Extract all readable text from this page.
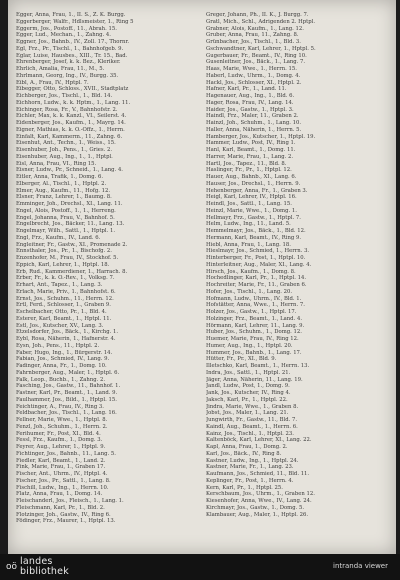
Egger, Anna, Frau, 1., II. S., Z. K. Burgg.

Eggerberger, Walfr., Hdlsmeister, 1., Ring 5

Eggerm, Jos., Postoff., 11., Abrah. 15.

Egger, Lud., Mechan., 1., Zahng. 4.

Eggner, Jos., Bahnb., IV., Zoll. 17., Thornr.

Egl, Frz., Pr., Tischl., 1., Bahnhofgeb. 9.

Eglar, Luise, Hausbes., XIII., Tr. 15., Bad.

Ehrenberger, Josef, k. k. Bez., Kleriker.

Ehrlich, Amalia, Frau, 11., M., 5.

Ehrlmann, Georg, Ing., IV., Burgg. 35.

Eibl, A., Frau, IV., Hptpl. 7.

Eibegger, Otto, Schloss., XVII., Stadtplatz

Eichberger, Jos., Tischl., 1., Bld. 14.

Eichhorn, Ludw., k. k. Hptm., 1., Lang. 11.

Eichinger, Rosa, Fr., V., Bahnhofstr. 2.

Eichler, Max, k. k. Kanzl., VI., Seilerst. 4.

Eidenberger, Jos., Kaufm., 1., Mayrg. 14.

Eigner, Mathias, k. k. O.-Offz., 1., Herrn.

Einfalt, Karl, Kammerm., 11., Zahng. 6.

Eisenhut, Ant., Techn., 1., Weiss., 15.

Eisenhuber, Joh., Pens., 1., Gries. 2.

Eisenhuber, Aug., Ing., 1., 1., Hptpl.

Eisl, Anna, Frau, VI., Ring 15.

Eisner, Ludw., Pr., Schneid., 1., Lang. 4.

Eitler, Anna, Trafik, 1., Domg. 6.

Elberger, Al., Tischl., 1., Hptpl. 2.

Elmer, Aug., Kaufm., 11., Hofg. 12.

Elsner, Franz, Lehrer, 1., Baumg. 8.

Emminger, Joh., Drechsl., XI., Lang. 11.

Engel, Alois, Postoff., 1., 1., Herreng.

Engel, Johanna, Frau, V., Bahnhof. 5.

Engelbrecht, Jos., Bäcker, 11., Lang. 13.

Engelmayr, Wilh., Sattl., 1., Hptpl. 1.

Engl, Frz., Kaufm., IV., Land. 6.

Engleitner, Fr., Gastw., XI., Promenade 2.

Ennsthaler, Jos., Pr., 1., Bischofg. 2.

Enzenhofer, M., Frau, IV., Stockhof. 5.

Eppich, Karl, Lehrer, 1., Hptpl. 18.

Erb, Rud., Kammerdiener, 1., Harrach. 8.

Erber, Fr., k. k. O.-Rev., 1., Volksg. 7.

Erhart, Ant., Tapez., 1., Lang. 3.

Erlach, Marie, Priv., 1., Bahnhofst. 6.

Ernst, Jos., Schuhm., 11., Herrn. 12.

Ertl, Ferd., Schlosser, 1., Graben 9.

Eschelbacher, Otto, Pr., 1., Bld. 4.

Esterer, Karl, Beamt., 1., Hptpl. 11.

Estl, Jos., Kutscher, XV., Lang. 3.

Etzelsdorfer, Jos., Bäck., 1., Kirchg. 1.

Eybl, Rosa, Näherin, 1., Hafnerstr. 4.

Eysn, Joh., Pens., 11., Hptpl. 2.

Faber, Hugo, Ing., 1., Bürgerstr. 14.

Fabian, Jos., Schmied, IV., Lang. 9.

Fadinger, Anna, Fr., 1., Domg. 10.

Fahrnberger, Aug., Maler, 1., Hptpl. 6.

Falk, Leop., Buchb., 1., Zahng. 2.

Fasching, Jos., Gastw., 11., Bahnhof. 1.

Fastner, Karl, Pr., Beamt., 1., Land. 9.

Faulhammer, Jos., Bild., 1., Hptpl. 15.

Feichtinger, A., Frau, IV., Ring 3.

Feldbacher, Jos., Tischl., 1., Lang. 16.

Fellner, Marie, Wwe., 1., Hptpl. 8.

Fenzl, Joh., Schuhm., 1., Herrn. 2.

Ferihumer, Fr., Post, XI., Bld. 4.

Fessl, Frz., Kaufm., 1., Domg. 3.

Feyrer, Aug., Lehrer, 1., Hptpl. 9.

Fichtinger, Jos., Bahnb., 11., Lang. 5.

Fiedler, Karl, Beamt., 1., Land. 2.

Fink, Marie, Frau, 1., Graben 17.

Fischer, Ant., Uhrm., IV., Hptpl. 4.

Fischer, Jos., Pr., Sattl., 1., Lang. 8.

Fischill, Ludw., Ing., 1., Herrn. 10.

Flatz, Anna, Frau, 1., Domg. 14.

Fleischanderl, Jos., Fleisch., 1., Lang. 1.

Fleischmann, Karl, Pr., 1., Bld. 2.

Flotzinger, Joh., Gastw., IV., Ring 6.

Födinger, Frz., Maurer, 1., Hptpl. 13.

Greger, Johann, Ph., II. K., J. Burgg. 7.

Gratl, Mich., Schl., Adrigenden 2. Hptpl.

Grabner, Alois, Kaufm., 1., Lang. 12.

Gruber, Anna, Frau, 11., Zahng. 8.

Grünbacher, Jos., Tischl., 1., Bld. 3.

Gschwandtner, Karl, Lehrer, 1., Hptpl. 5.

Gugerbauer, Fr., Beamt., IV., Ring 10.

Gusenleitner, Jos., Bäck., 1., Lang. 7.

Haas, Marie, Wwe., 1., Herrn. 15.

Haberl, Ludw., Uhrm., 1., Domg. 4.

Hackl, Jos., Schlosser, XI., Hptpl. 2.

Hafner, Karl, Pr., 1., Land. 11.

Hagenauer, Aug., Ing., 1., Bld. 6.

Hager, Rosa, Frau, IV., Lang. 14.

Haider, Jos., Gastw., 1., Hptpl. 3.

Haindl, Frz., Maler, 11., Graben 2.

Hainzl, Joh., Schuhm., 1., Lang. 10.

Haller, Anna, Näherin, 1., Herrn. 5.

Hamberger, Jos., Kutscher, 1., Hptpl. 19.

Hammer, Ludw., Post, IV., Ring 1.

Hanl, Karl, Beamt., 1., Domg. 11.

Harrer, Marie, Frau, 1., Lang. 2.

Hartl, Jos., Tapez., 11., Bld. 8.

Haslinger, Fr., Pr., 1., Hptpl. 12.

Hauer, Aug., Bahnb., XI., Lang. 6.

Hauser, Jos., Drechsl., 1., Herrn. 9.

Hehenberger, Anna, Fr., 1., Graben 3.

Heigl, Karl, Lehrer, IV., Hptpl. 16.

Heindl, Jos., Sattl., 1., Lang. 15.

Heinzl, Marie, Wwe., 1., Domg. 1.

Hellmayr, Frz., Gastw., 1., Hptpl. 7.

Helm, Ludw., Ing., 11., Land. 5.

Hemmelmayr, Jos., Bäck., 1., Bld. 12.

Hermann, Karl, Beamt., IV., Ring 9.

Hiebl, Anna, Frau, 1., Lang. 18.

Hieslmayr, Jos., Schmied, 1., Herrn. 3.

Hinterberger, Fr., Post, 1., Hptpl. 10.

Hinterleitner, Aug., Maler, XI., Lang. 4.

Hirsch, Jos., Kaufm., 1., Domg. 8.

Hochedlinger, Karl, Pr., 1., Hptpl. 14.

Hochreiter, Marie, Fr., 11., Graben 6.

Hofer, Jos., Tischl., 1., Lang. 20.

Hofmann, Ludw., Uhrm., IV., Bld. 1.

Hofstätter, Anna, Wwe., 1., Herrn. 7.

Holzer, Jos., Gastw., 1., Hptpl. 17.

Holzinger, Frz., Beamt., 1., Land. 4.

Hörmann, Karl, Lehrer, 11., Lang. 9.

Huber, Jos., Schuhm., 1., Domg. 12.

Huemer, Marie, Frau, IV., Ring 12.

Humer, Aug., Ing., 1., Hptpl. 20.

Hummer, Jos., Bahnb., 1., Lang. 17.

Hütter, Fr., Pr., XI., Bld. 9.

Illetschko, Karl, Beamt., 1., Herrn. 13.

Indra, Jos., Sattl., 1., Hptpl. 21.

Jäger, Anna, Näherin, 11., Lang. 19.

Jandl, Ludw., Post, 1., Domg. 9.

Jank, Jos., Kutscher, IV., Ring 4.

Jaksch, Karl, Pr., 1., Hptpl. 22.

Jindra, Marie, Wwe., 1., Graben 8.

Jobst, Jos., Maler, 1., Lang. 21.

Jungwirth, Fr., Gastw., 11., Bld. 7.

Kaindl, Aug., Beamt., 1., Herrn. 6.

Kainz, Jos., Tischl., 1., Hptpl. 23.

Kaltenböck, Karl, Lehrer, XI., Lang. 22.

Kapl, Anna, Frau, 1., Domg. 2.

Karl, Jos., Bäck., IV., Ring 8.

Kastner, Ludw., Ing., 1., Hptpl. 24.

Kastner, Marie, Fr., 1., Lang. 23.

Kaufmann, Jos., Schmied, 11., Bld. 11.

Keplinger, Fr., Post, 1., Herrn. 4.

Kern, Karl, Pr., 1., Hptpl. 25.

Kerschbaum, Jos., Uhrm., 1., Graben 12.

Kiesenhofer, Anna, Wwe., IV., Lang. 24.

Kirchmayr, Jos., Gastw., 1., Domg. 5.

Klambauer, Aug., Maler, 1., Hptpl. 26.

oö landes
bibliothek	intranda viewer
